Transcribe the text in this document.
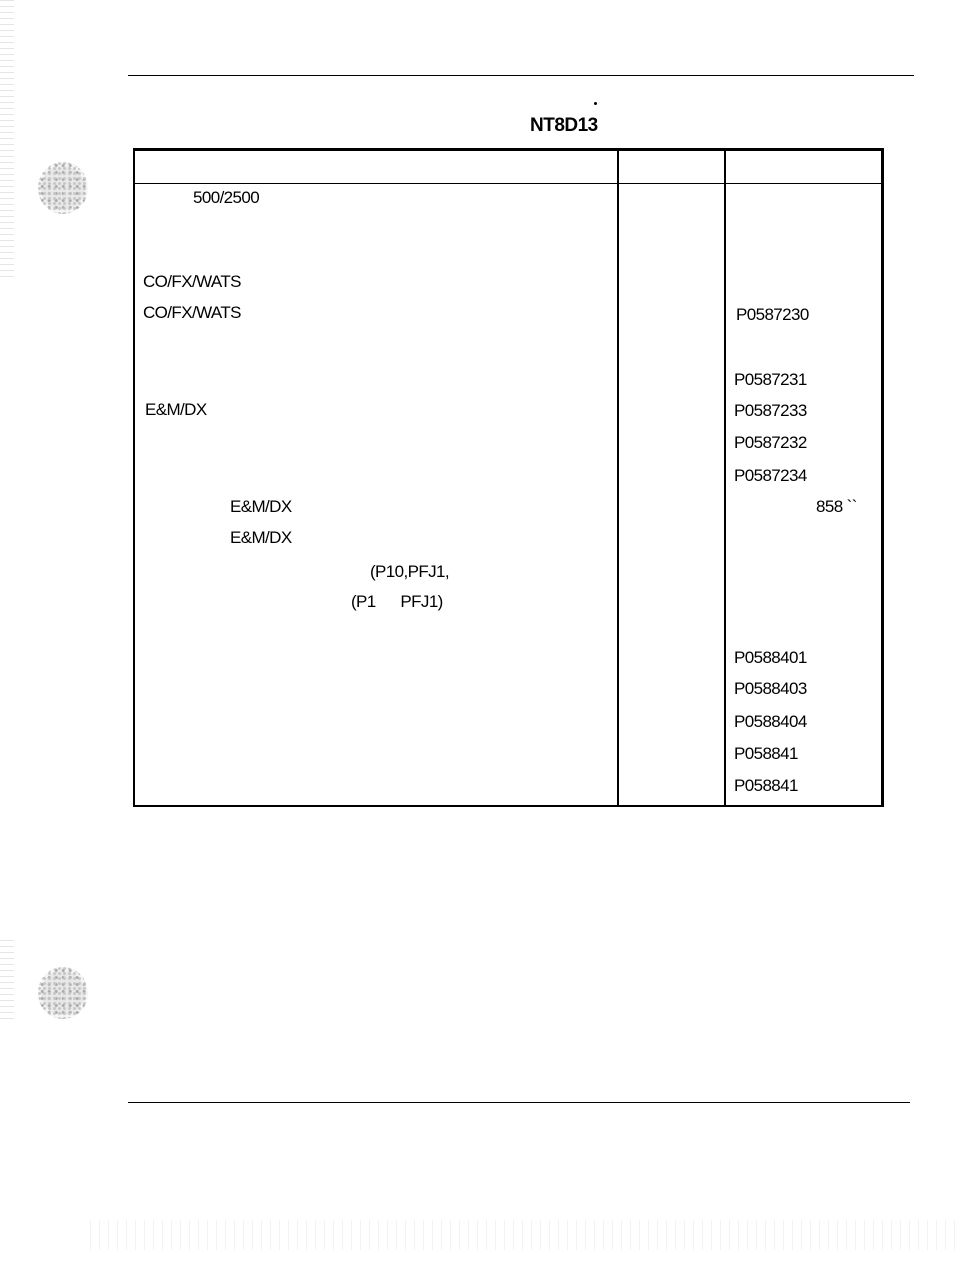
NT8D13
500/2500
CO/FX/WATS
CO/FX/WATS
E&M/DX
E&M/DX
E&M/DX
(P10,PFJ1,
(P1      PFJ1)
P0587230
P0587231
P0587233
P0587232
P0587234
858 ``
P0588401
P0588403
P0588404
P058841
P058841
